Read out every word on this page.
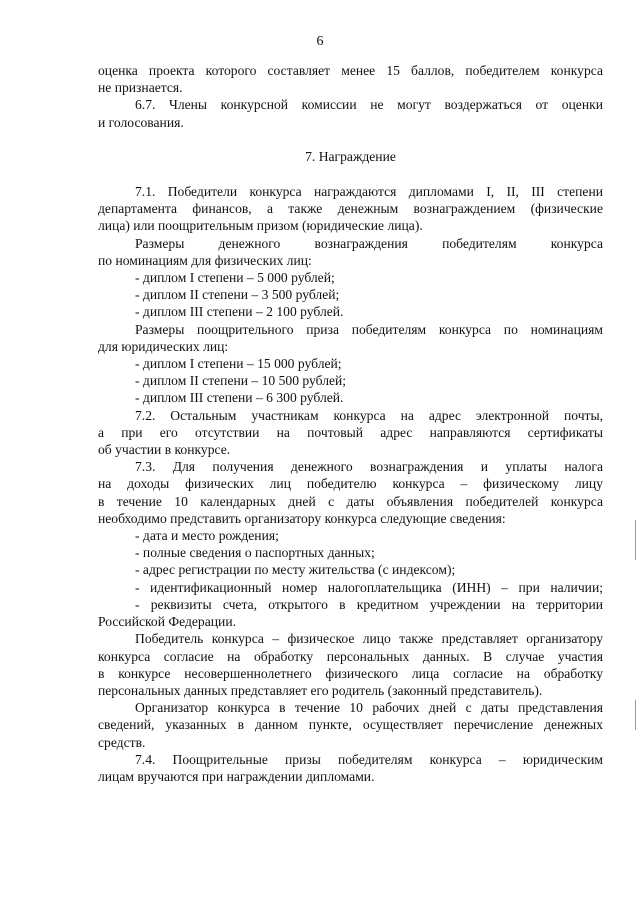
6
оценка проекта которого составляет менее 15 баллов, победителем конкурса
не признается.
6.7. Члены конкурсной комиссии не могут воздержаться от оценки
и голосования.
7. Награждение
7.1. Победители конкурса награждаются дипломами I, II, III степени
департамента финансов, а также денежным вознаграждением (физические
лица) или поощрительным призом (юридические лица).
Размеры денежного вознаграждения победителям конкурса
по номинациям для физических лиц:
- диплом I степени – 5 000 рублей;
- диплом II степени – 3 500 рублей;
- диплом III степени – 2 100 рублей.
Размеры поощрительного приза победителям конкурса по номинациям
для юридических лиц:
- диплом I степени – 15 000 рублей;
- диплом II степени – 10 500 рублей;
- диплом III степени – 6 300 рублей.
7.2. Остальным участникам конкурса на адрес электронной почты,
а при его отсутствии на почтовый адрес направляются сертификаты
об участии в конкурсе.
7.3. Для получения денежного вознаграждения и уплаты налога
на доходы физических лиц победителю конкурса – физическому лицу
в течение 10 календарных дней с даты объявления победителей конкурса
необходимо представить организатору конкурса следующие сведения:
- дата и место рождения;
- полные сведения о паспортных данных;
- адрес регистрации по месту жительства (с индексом);
- идентификационный номер налогоплательщика (ИНН) – при наличии;
- реквизиты счета, открытого в кредитном учреждении на территории
Российской Федерации.
Победитель конкурса – физическое лицо также представляет организатору
конкурса согласие на обработку персональных данных. В случае участия
в конкурсе несовершеннолетнего физического лица согласие на обработку
персональных данных представляет его родитель (законный представитель).
Организатор конкурса в течение 10 рабочих дней с даты представления
сведений, указанных в данном пункте, осуществляет перечисление денежных
средств.
7.4. Поощрительные призы победителям конкурса – юридическим
лицам вручаются при награждении дипломами.
